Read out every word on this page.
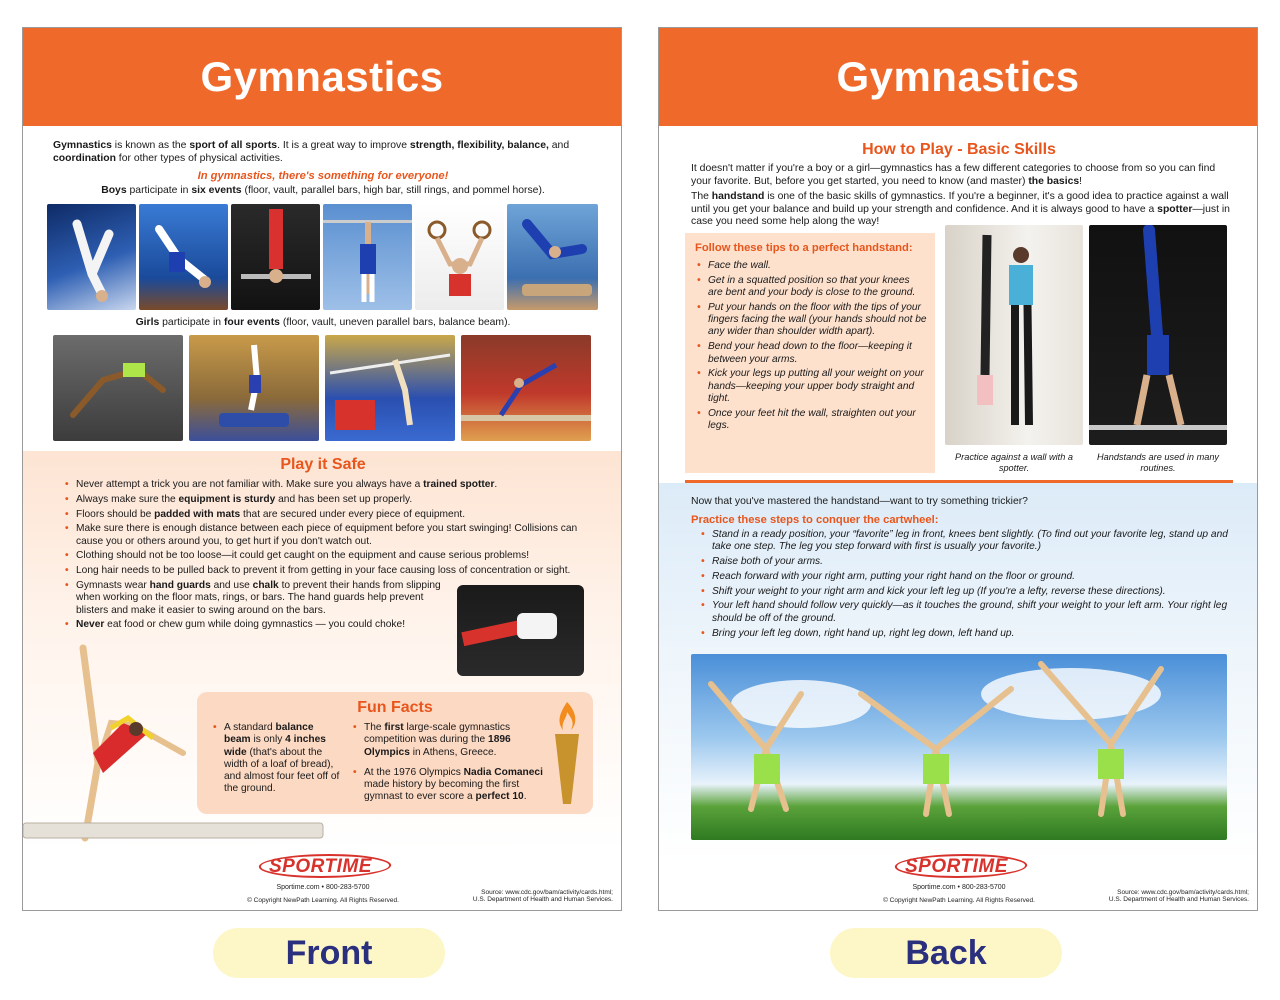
Gymnastics

Gymnastics is known as the sport of all sports. It is a great way to improve strength, flexibility, balance, and coordination for other types of physical activities.

In gymnastics, there's something for everyone!

Boys participate in six events (floor, vault, parallel bars, high bar, still rings, and pommel horse).

Girls participate in four events (floor, vault, uneven parallel bars, balance beam).

Play it Safe
• Never attempt a trick you are not familiar with. Make sure you always have a trained spotter.
• Always make sure the equipment is sturdy and has been set up properly.
• Floors should be padded with mats that are secured under every piece of equipment.
• Make sure there is enough distance between each piece of equipment before you start swinging! Collisions can cause you or others around you, to get hurt if you don't watch out.
• Clothing should not be too loose—it could get caught on the equipment and cause serious problems!
• Long hair needs to be pulled back to prevent it from getting in your face causing loss of concentration or sight.
• Gymnasts wear hand guards and use chalk to prevent their hands from slipping when working on the floor mats, rings, or bars. The hand guards help prevent blisters and make it easier to swing around on the bars.
• Never eat food or chew gum while doing gymnastics — you could choke!
Fun Facts
• A standard balance beam is only 4 inches wide (that's about the width of a loaf of bread), and almost four feet off of the ground.
• The first large-scale gymnastics competition was during the 1896 Olympics in Athens, Greece.
• At the 1976 Olympics Nadia Comaneci made history by becoming the first gymnast to ever score a perfect 10.
SPORTIME
Sportime.com • 800-283-5700
© Copyright NewPath Learning. All Rights Reserved.
Source: www.cdc.gov/bam/activity/cards.html;
U.S. Department of Health and Human Services.
Gymnastics
How to Play - Basic Skills

It doesn't matter if you're a boy or a girl—gymnastics has a few different categories to choose from so you can find your favorite. But, before you get started, you need to know (and master) the basics!

The handstand is one of the basic skills of gymnastics. If you're a beginner, it's a good idea to practice against a wall until you get your balance and build up your strength and confidence. And it is always good to have a spotter—just in case you need some help along the way!

Follow these tips to a perfect handstand:
• Face the wall.
• Get in a squatted position so that your knees are bent and your body is close to the ground.
• Put your hands on the floor with the tips of your fingers facing the wall (your hands should not be any wider than shoulder width apart).
• Bend your head down to the floor—keeping it between your arms.
• Kick your legs up putting all your weight on your hands—keeping your upper body straight and tight.
• Once your feet hit the wall, straighten out your legs.
Practice against a wall with a spotter.
Handstands are used in many routines.

Now that you've mastered the handstand—want to try something trickier?

Practice these steps to conquer the cartwheel:

• Stand in a ready position, your “favorite” leg in front, knees bent slightly. (To find out your favorite leg, stand up and take one step. The leg you step forward with first is usually your favorite.)
• Raise both of your arms.
• Reach forward with your right arm, putting your right hand on the floor or ground.
• Shift your weight to your right arm and kick your left leg up (If you're a lefty, reverse these directions).
• Your left hand should follow very quickly—as it touches the ground, shift your weight to your left arm. Your right leg should be off of the ground.
• Bring your left leg down, right hand up, right leg down, left hand up.
SPORTIME
Sportime.com • 800-283-5700
© Copyright NewPath Learning. All Rights Reserved.
Source: www.cdc.gov/bam/activity/cards.html;
U.S. Department of Health and Human Services.
Front	Back
